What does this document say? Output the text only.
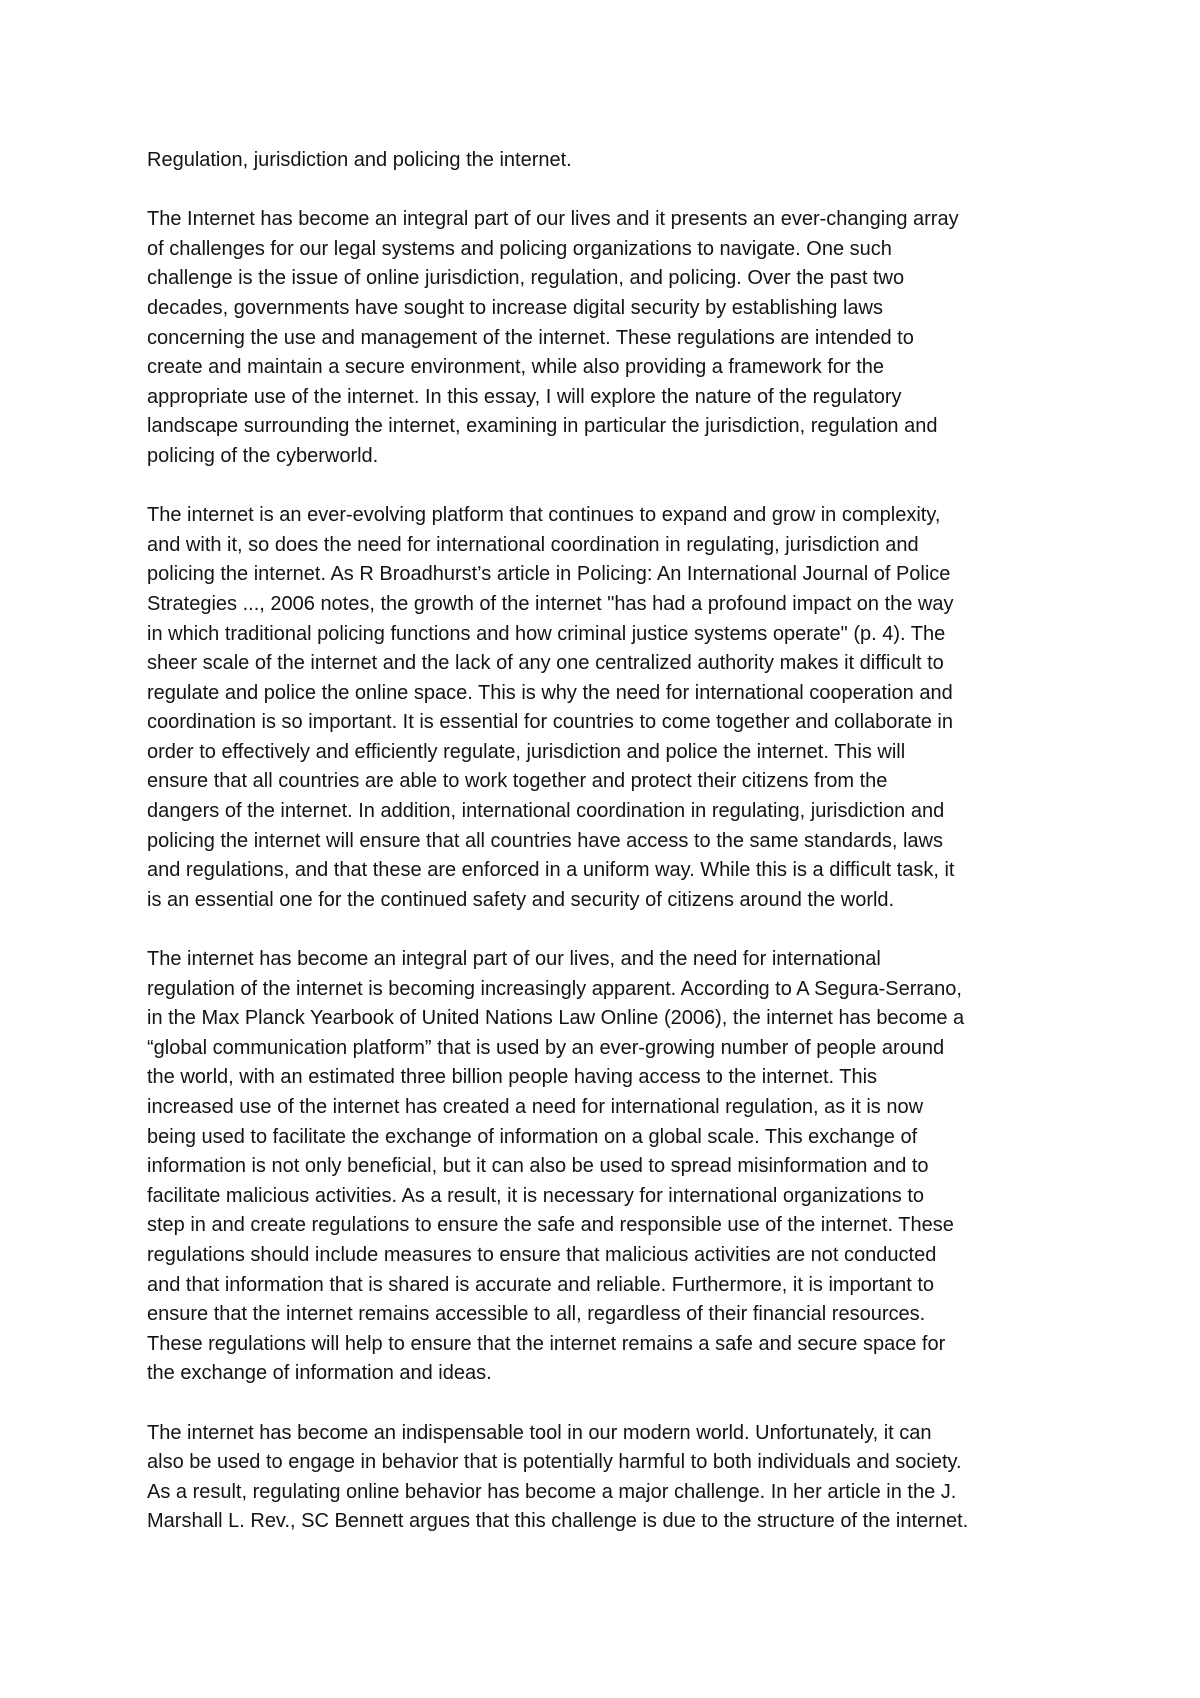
Regulation, jurisdiction and policing the internet.
The Internet has become an integral part of our lives and it presents an ever-changing array
of challenges for our legal systems and policing organizations to navigate. One such
challenge is the issue of online jurisdiction, regulation, and policing. Over the past two
decades, governments have sought to increase digital security by establishing laws
concerning the use and management of the internet. These regulations are intended to
create and maintain a secure environment, while also providing a framework for the
appropriate use of the internet. In this essay, I will explore the nature of the regulatory
landscape surrounding the internet, examining in particular the jurisdiction, regulation and
policing of the cyberworld.
The internet is an ever-evolving platform that continues to expand and grow in complexity,
and with it, so does the need for international coordination in regulating, jurisdiction and
policing the internet. As R Broadhurst’s article in Policing: An International Journal of Police
Strategies ..., 2006 notes, the growth of the internet "has had a profound impact on the way
in which traditional policing functions and how criminal justice systems operate" (p. 4). The
sheer scale of the internet and the lack of any one centralized authority makes it difficult to
regulate and police the online space. This is why the need for international cooperation and
coordination is so important. It is essential for countries to come together and collaborate in
order to effectively and efficiently regulate, jurisdiction and police the internet. This will
ensure that all countries are able to work together and protect their citizens from the
dangers of the internet. In addition, international coordination in regulating, jurisdiction and
policing the internet will ensure that all countries have access to the same standards, laws
and regulations, and that these are enforced in a uniform way. While this is a difficult task, it
is an essential one for the continued safety and security of citizens around the world.
The internet has become an integral part of our lives, and the need for international
regulation of the internet is becoming increasingly apparent. According to A Segura-Serrano,
in the Max Planck Yearbook of United Nations Law Online (2006), the internet has become a
“global communication platform” that is used by an ever-growing number of people around
the world, with an estimated three billion people having access to the internet. This
increased use of the internet has created a need for international regulation, as it is now
being used to facilitate the exchange of information on a global scale. This exchange of
information is not only beneficial, but it can also be used to spread misinformation and to
facilitate malicious activities. As a result, it is necessary for international organizations to
step in and create regulations to ensure the safe and responsible use of the internet. These
regulations should include measures to ensure that malicious activities are not conducted
and that information that is shared is accurate and reliable. Furthermore, it is important to
ensure that the internet remains accessible to all, regardless of their financial resources.
These regulations will help to ensure that the internet remains a safe and secure space for
the exchange of information and ideas.
The internet has become an indispensable tool in our modern world. Unfortunately, it can
also be used to engage in behavior that is potentially harmful to both individuals and society.
As a result, regulating online behavior has become a major challenge. In her article in the J.
Marshall L. Rev., SC Bennett argues that this challenge is due to the structure of the internet.
